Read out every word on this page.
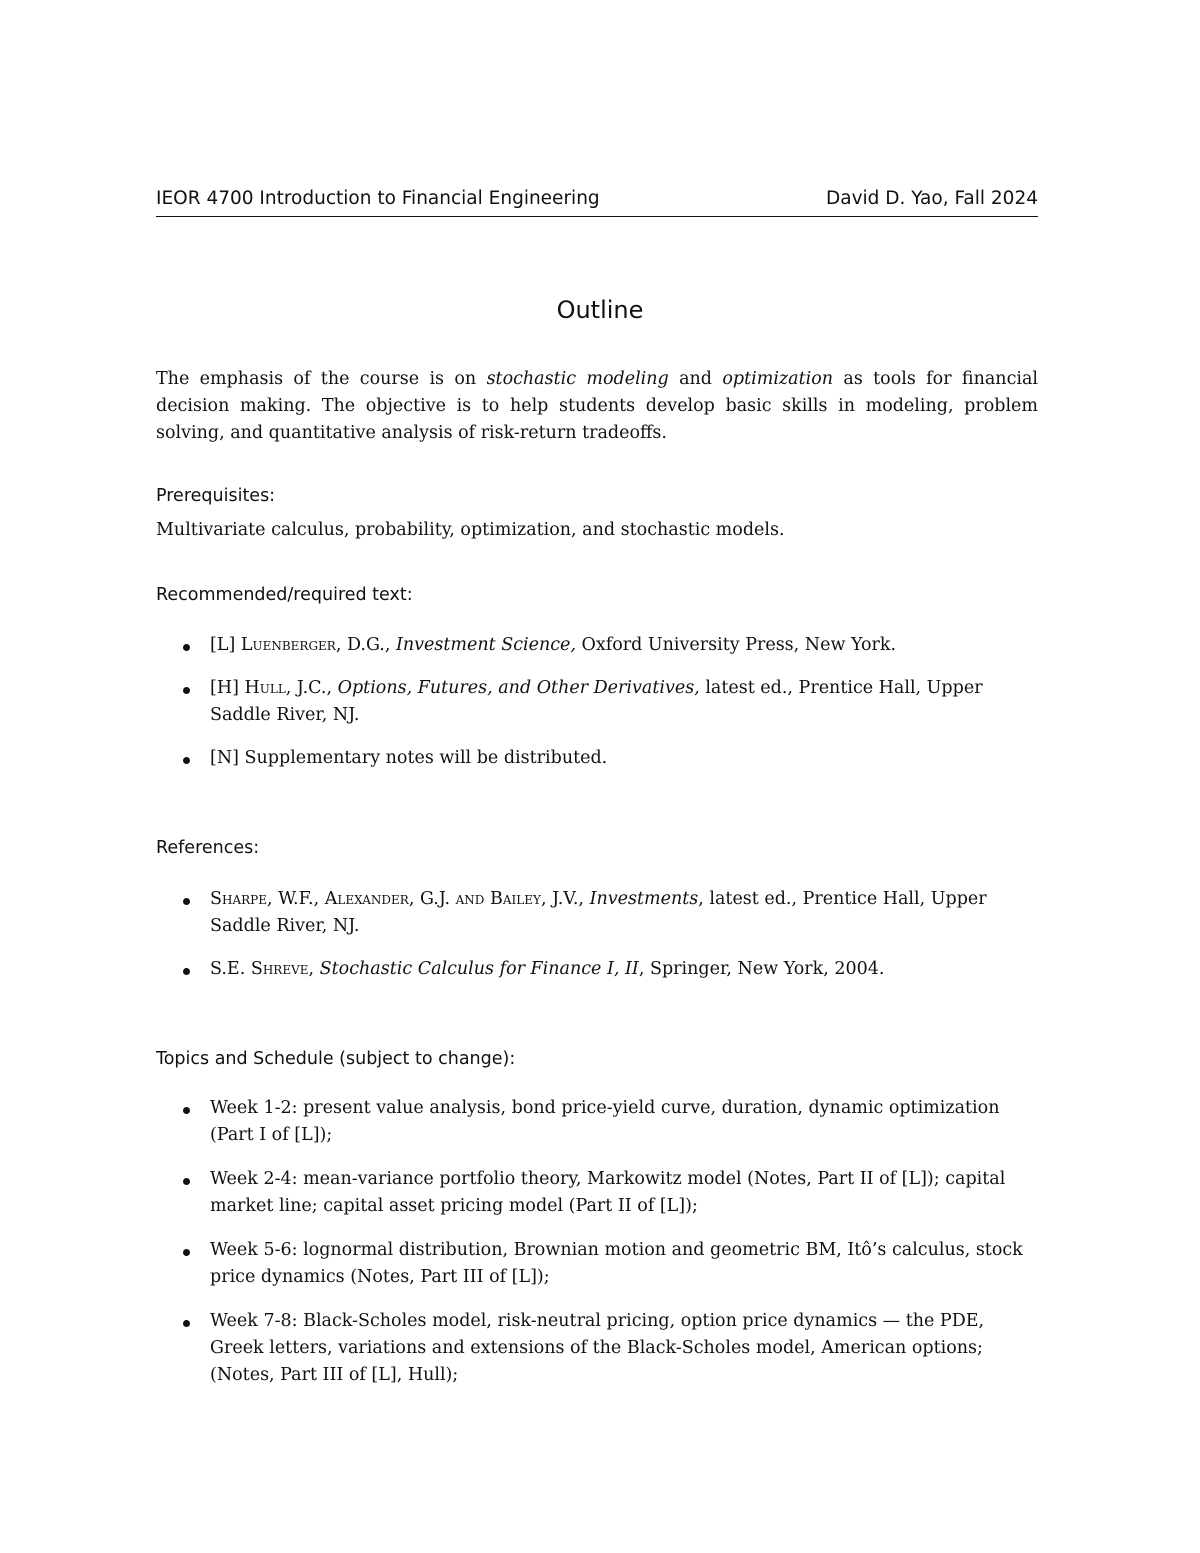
IEOR 4700 Introduction to Financial Engineering	David D. Yao, Fall 2024
Outline
The emphasis of the course is on stochastic modeling and optimization as tools for financial decision making. The objective is to help students develop basic skills in modeling, problem solving, and quantitative analysis of risk-return tradeoffs.
Prerequisites:
Multivariate calculus, probability, optimization, and stochastic models.
Recommended/required text:
[L] Luenberger, D.G., Investment Science, Oxford University Press, New York.
[H] Hull, J.C., Options, Futures, and Other Derivatives, latest ed., Prentice Hall, Upper Saddle River, NJ.
[N] Supplementary notes will be distributed.
References:
Sharpe, W.F., Alexander, G.J. and Bailey, J.V., Investments, latest ed., Prentice Hall, Upper Saddle River, NJ.
S.E. Shreve, Stochastic Calculus for Finance I, II, Springer, New York, 2004.
Topics and Schedule (subject to change):
Week 1-2: present value analysis, bond price-yield curve, duration, dynamic optimization (Part I of [L]);
Week 2-4: mean-variance portfolio theory, Markowitz model (Notes, Part II of [L]); capital market line; capital asset pricing model (Part II of [L]);
Week 5-6: lognormal distribution, Brownian motion and geometric BM, Itô’s calculus, stock price dynamics (Notes, Part III of [L]);
Week 7-8: Black-Scholes model, risk-neutral pricing, option price dynamics — the PDE, Greek letters, variations and extensions of the Black-Scholes model, American options; (Notes, Part III of [L], Hull);
